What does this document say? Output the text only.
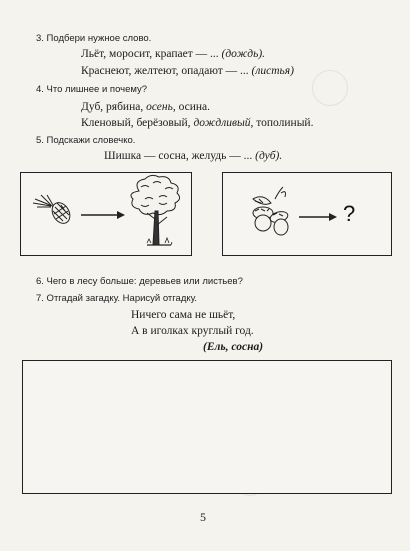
3. Подбери нужное слово.
Льёт, моросит, крапает — ... (дождь).
Краснеют, желтеют, опадают — ... (листья)
4. Что лишнее и почему?
Дуб, рябина, осень, осина.
Кленовый, берёзовый, дождливый, тополиный.
5. Подскажи словечко.
Шишка — сосна, желудь — ... (дуб).
?
6. Чего в лесу больше: деревьев или листьев?
7. Отгадай загадку. Нарисуй отгадку.
Ничего сама не шьёт,
А в иголках круглый год.
(Ель, сосна)
5
